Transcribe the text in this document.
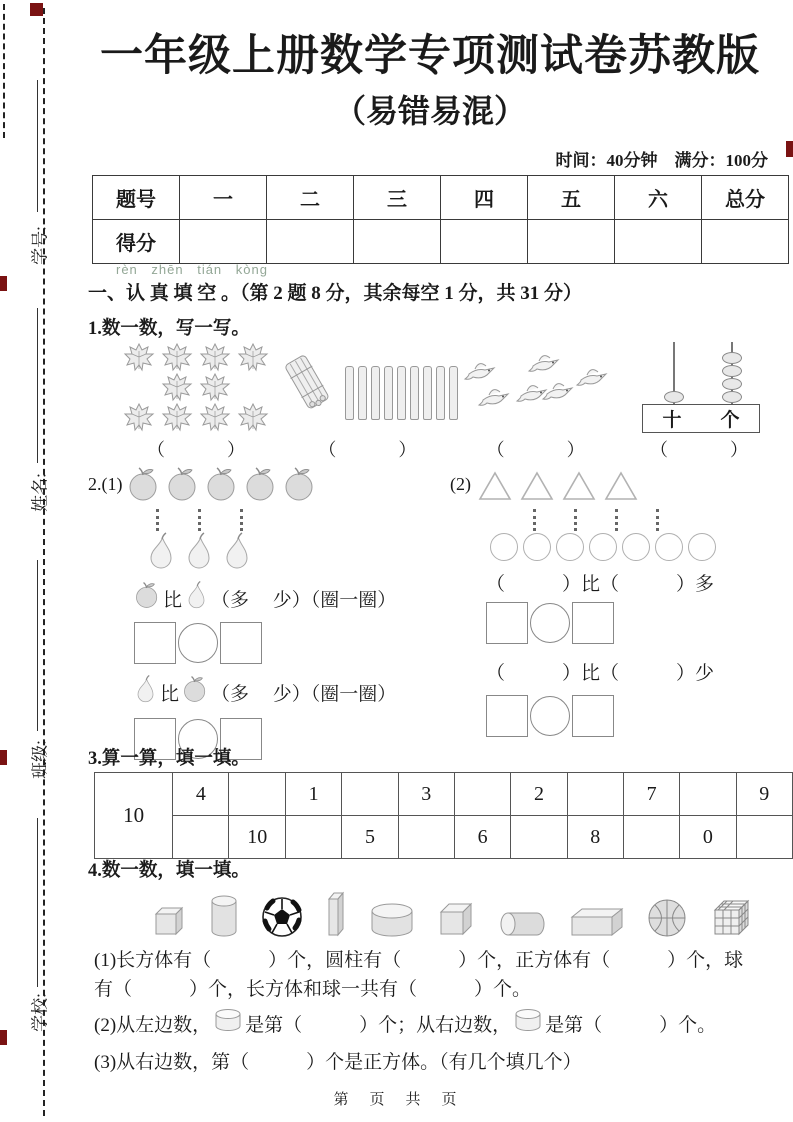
学号:
姓名:
班级:
学校:
一年级上册数学专项测试卷苏教版
（易错易混）
时间：40分钟　满分：100分
题号	一	二	三	四	五	六	总分
得分							
rèn zhēn tián kòng
一、认 真 填 空 。（第 2 题 8 分，其余每空 1 分，共 31 分）
1.数一数，写一写。
（　　　）	（　　　）	（　　　）
十 个
（　　　）
2.(1)
比 （多　 少）（圈一圈）
比 （多　 少）（圈一圈）
(2)
（　　　）比（　　　）多
（　　　）比（　　　）少
3.算一算，填一填。
10	4		1		3		2		7		9
		10		5		6		8		0	
4.数一数，填一填。
(1)长方体有（　　　）个，圆柱有（　　　）个，正方体有（　　　）个，球
有（　　　）个，长方体和球一共有（　　　）个。
(2)从左边数， 是第（　　　）个；从右边数， 是第（　　　）个。
(3)从右边数，第（　　　）个是正方体。（有几个填几个）
第　页　共　页
